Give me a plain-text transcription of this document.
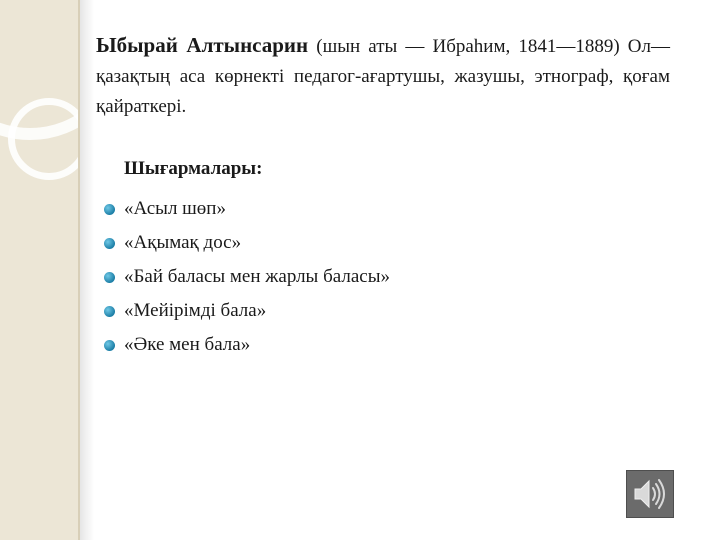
Ыбырай Алтынсарин (шын аты — Ибраһим, 1841—1889) Ол—қазақтың аса көрнекті педагог-ағартушы, жазушы, этнограф, қоғам қайраткері.

Шығармалары:
«Асыл шөп»
«Ақымақ дос»
«Бай баласы мен жарлы баласы»
«Мейірімді бала»
«Әке мен бала»
